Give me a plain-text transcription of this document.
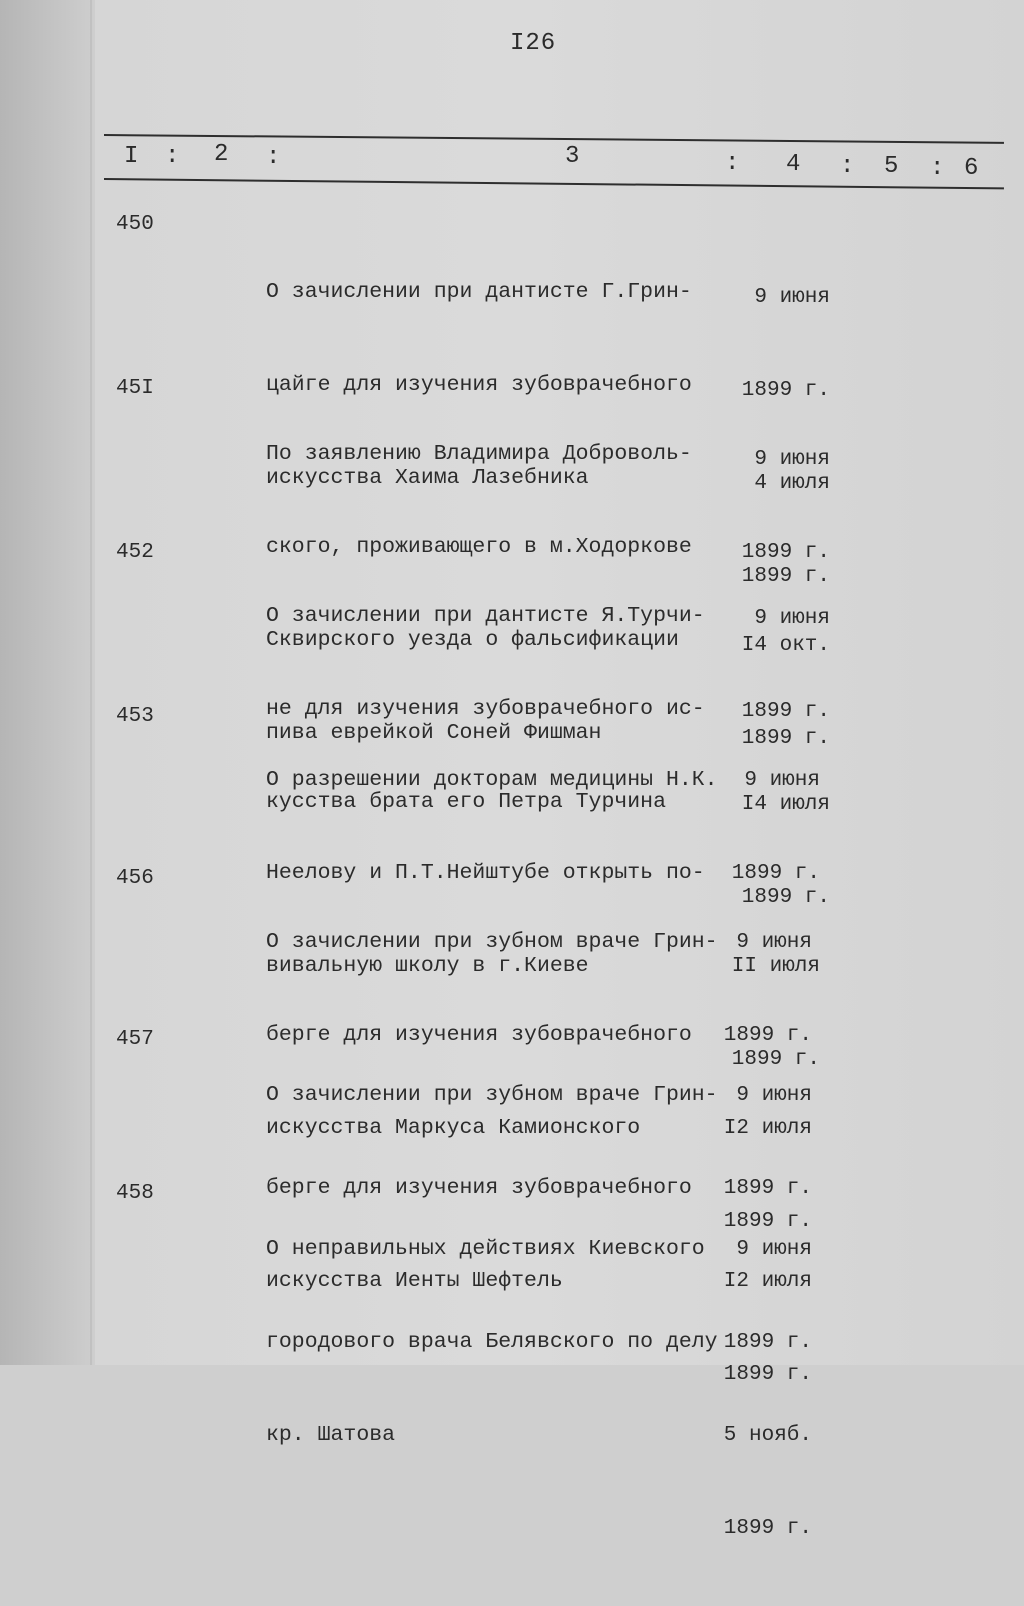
I26
I : 2 :	3	: 4 : 5 : 6
450

О зачислении при дантисте Г.Грин-

цайге для изучения зубоврачебного

искусства Хаима Лазебника

9 июня

1899 г.

4 июля

1899 г.

45I

По заявлению Владимира Доброволь-

ского, проживающего в м.Ходоркове

Сквирского уезда о фальсификации

пива еврейкой Соней Фишман

9 июня

1899 г.

I4 окт.

1899 г.

452

О зачислении при дантисте Я.Турчи-

не для изучения зубоврачебного ис-

кусства брата его Петра Турчина

9 июня

1899 г.

I4 июля

1899 г.

453

О разрешении докторам медицины Н.К.

Неелову и П.Т.Нейштубе открыть по-

вивальную школу в г.Киеве

9 июня

1899 г.

II июля

1899 г.

456

О зачислении при зубном враче Грин-

берге для изучения зубоврачебного

искусства Маркуса Камионского

9 июня

1899 г.

I2 июля

1899 г.

457

О зачислении при зубном враче Грин-

берге для изучения зубоврачебного

искусства Иенты Шефтель

9 июня

1899 г.

I2 июля

1899 г.

458

О неправильных действиях Киевского

городового врача Белявского по делу

кр. Шатова

9 июня

1899 г.

5 нояб.

1899 г.
